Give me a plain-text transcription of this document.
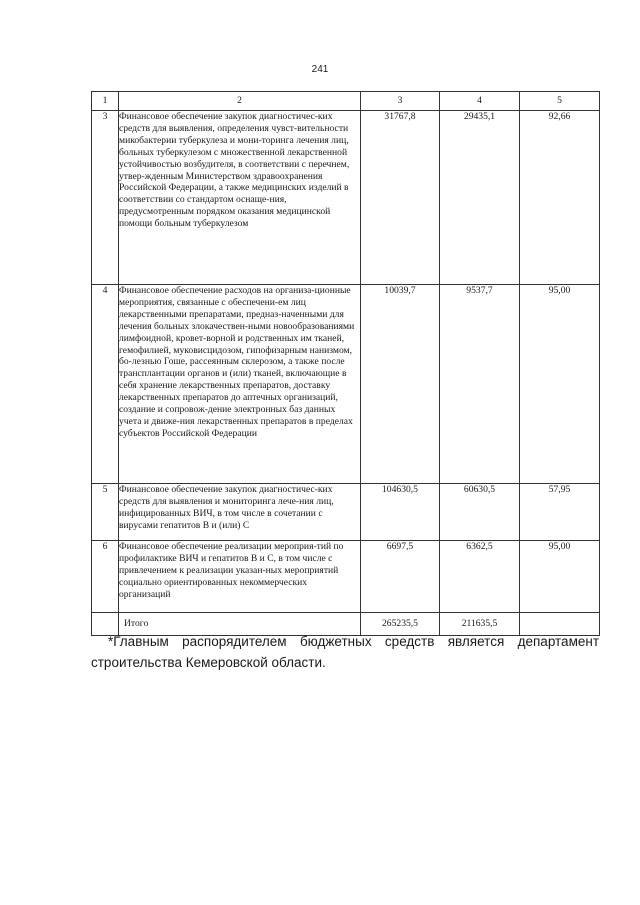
241
1	2	3	4	5
3	Финансовое обеспечение закупок диагностичес-ких средств для выявления, определения чувст-вительности микобактерии туберкулеза и мони-торинга лечения лиц, больных туберкулезом с множественной лекарственной устойчивостью возбудителя, в соответствии с перечнем, утвер-жденным Министерством здравоохранения Российской Федерации, а также медицинских изделий в соответствии со стандартом оснаще-ния, предусмотренным порядком оказания медицинской помощи больным туберкулезом	31767,8	29435,1	92,66
4	Финансовое обеспечение расходов на организа-ционные мероприятия, связанные с обеспечени-ем лиц лекарственными препаратами, предназ-наченными для лечения больных злокачествен-ными новообразованиями лимфоидной, кровет-ворной и родственных им тканей, гемофилией, муковисцидозом, гипофизарным нанизмом, бо-лезнью Гоше, рассеянным склерозом, а также после трансплантации органов и (или) тканей, включающие в себя хранение лекарственных препаратов, доставку лекарственных препаратов до аптечных организаций, создание и сопровож-дение электронных баз данных учета и движе-ния лекарственных препаратов в пределах субъектов Российской Федерации	10039,7	9537,7	95,00
5	Финансовое обеспечение закупок диагностичес-ких средств для выявления и мониторинга лече-ния лиц, инфицированных ВИЧ, в том числе в сочетании с вирусами гепатитов В и (или) С	104630,5	60630,5	57,95
6	Финансовое обеспечение реализации мероприя-тий по профилактике ВИЧ и гепатитов В и С, в том числе с привлечением к реализации указан-ных мероприятий социально ориентированных некоммерческих организаций	6697,5	6362,5	95,00
	Итого	265235,5	211635,5	
*Главным распорядителем бюджетных средств является департамент строительства Кемеровской области.
